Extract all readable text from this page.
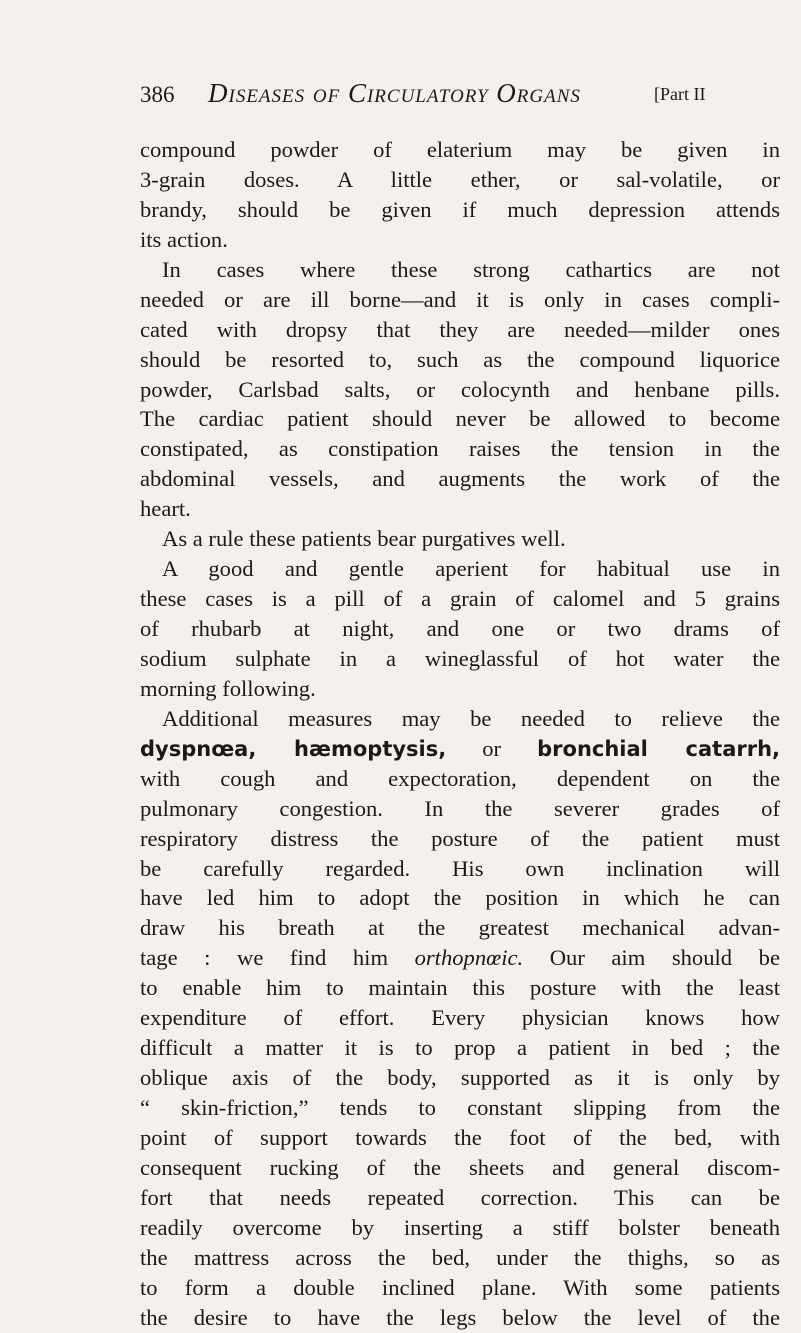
386 Diseases of Circulatory Organs	[Part II
compound powder of elaterium may be given in
3-grain doses. A little ether, or sal-volatile, or
brandy, should be given if much depression attends
its action.
In cases where these strong cathartics are not
needed or are ill borne—and it is only in cases compli-
cated with dropsy that they are needed—milder ones
should be resorted to, such as the compound liquorice
powder, Carlsbad salts, or colocynth and henbane pills.
The cardiac patient should never be allowed to become
constipated, as constipation raises the tension in the
abdominal vessels, and augments the work of the
heart.
As a rule these patients bear purgatives well.
A good and gentle aperient for habitual use in
these cases is a pill of a grain of calomel and 5 grains
of rhubarb at night, and one or two drams of
sodium sulphate in a wineglassful of hot water the
morning following.
Additional measures may be needed to relieve the
dyspnœa, hæmoptysis, or bronchial catarrh,
with cough and expectoration, dependent on the
pulmonary congestion. In the severer grades of
respiratory distress the posture of the patient must
be carefully regarded. His own inclination will
have led him to adopt the position in which he can
draw his breath at the greatest mechanical advan-
tage : we find him orthopnœic. Our aim should be
to enable him to maintain this posture with the least
expenditure of effort. Every physician knows how
difficult a matter it is to prop a patient in bed ; the
oblique axis of the body, supported as it is only by
“ skin-friction,” tends to constant slipping from the
point of support towards the foot of the bed, with
consequent rucking of the sheets and general discom-
fort that needs repeated correction. This can be
readily overcome by inserting a stiff bolster beneath
the mattress across the bed, under the thighs, so as
to form a double inclined plane. With some patients
the desire to have the legs below the level of the
